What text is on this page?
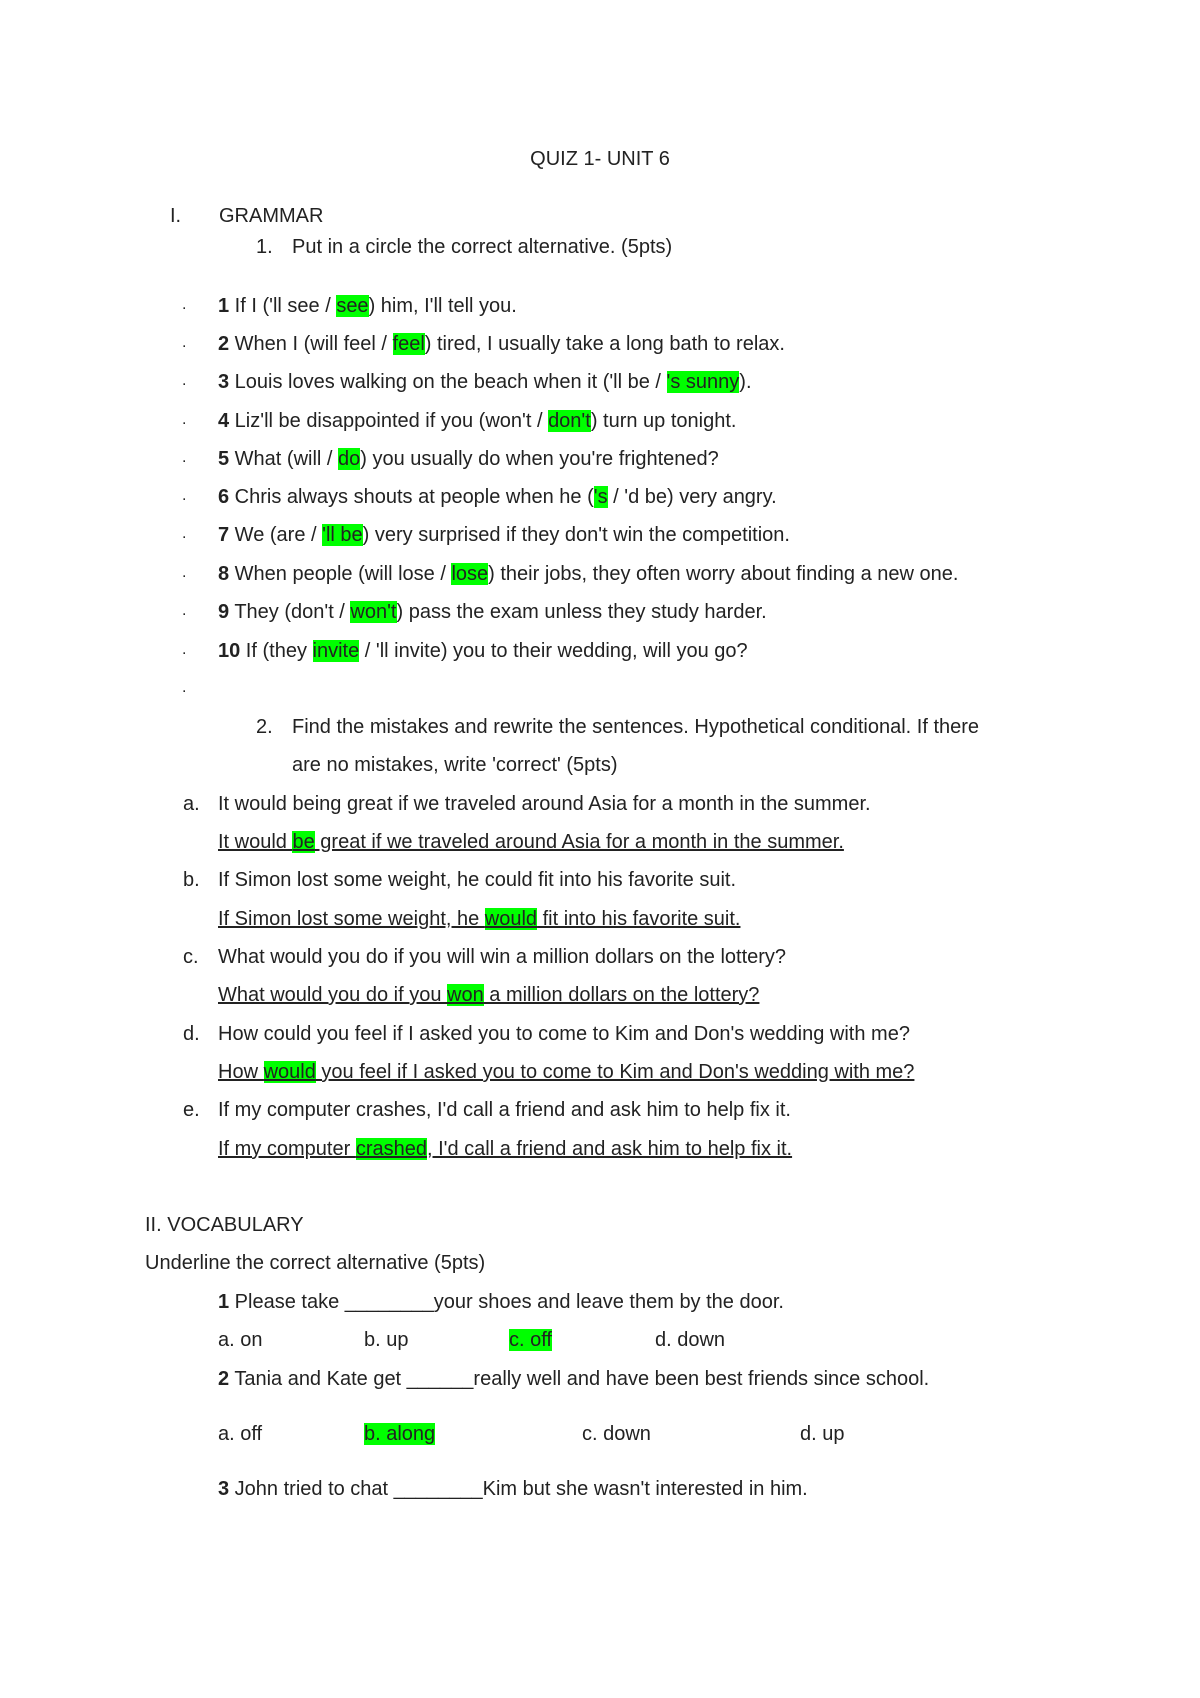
QUIZ 1- UNIT 6
I. GRAMMAR
1. Put in a circle the correct alternative. (5pts)
. 1 If I ('ll see / see) him, I'll tell you.
. 2 When I (will feel / feel) tired, I usually take a long bath to relax.
. 3 Louis loves walking on the beach when it ('ll be / 's sunny).
. 4 Liz'll be disappointed if you (won't / don't) turn up tonight.
. 5 What (will / do) you usually do when you're frightened?
. 6 Chris always shouts at people when he ('s / 'd be) very angry.
. 7 We (are / 'll be) very surprised if they don't win the competition.
. 8 When people (will lose / lose) their jobs, they often worry about finding a new one.
. 9 They (don't / won't) pass the exam unless they study harder.
. 10 If (they invite / 'll invite) you to their wedding, will you go?
.
2. Find the mistakes and rewrite the sentences. Hypothetical conditional. If there
are no mistakes, write 'correct' (5pts)
a. It would being great if we traveled around Asia for a month in the summer.
It would be great if we traveled around Asia for a month in the summer.
b. If Simon lost some weight, he could fit into his favorite suit.
If Simon lost some weight, he would fit into his favorite suit.
c. What would you do if you will win a million dollars on the lottery?
What would you do if you won a million dollars on the lottery?
d. How could you feel if I asked you to come to Kim and Don's wedding with me?
How would you feel if I asked you to come to Kim and Don's wedding with me?
e. If my computer crashes, I'd call a friend and ask him to help fix it.
If my computer crashed, I'd call a friend and ask him to help fix it.
II. VOCABULARY
Underline the correct alternative (5pts)
1 Please take ________your shoes and leave them by the door.
a. on	b. up	c. off	d. down
2 Tania and Kate get ______really well and have been best friends since school.
a. off	b. along	c. down	d. up
3 John tried to chat ________Kim but she wasn't interested in him.
